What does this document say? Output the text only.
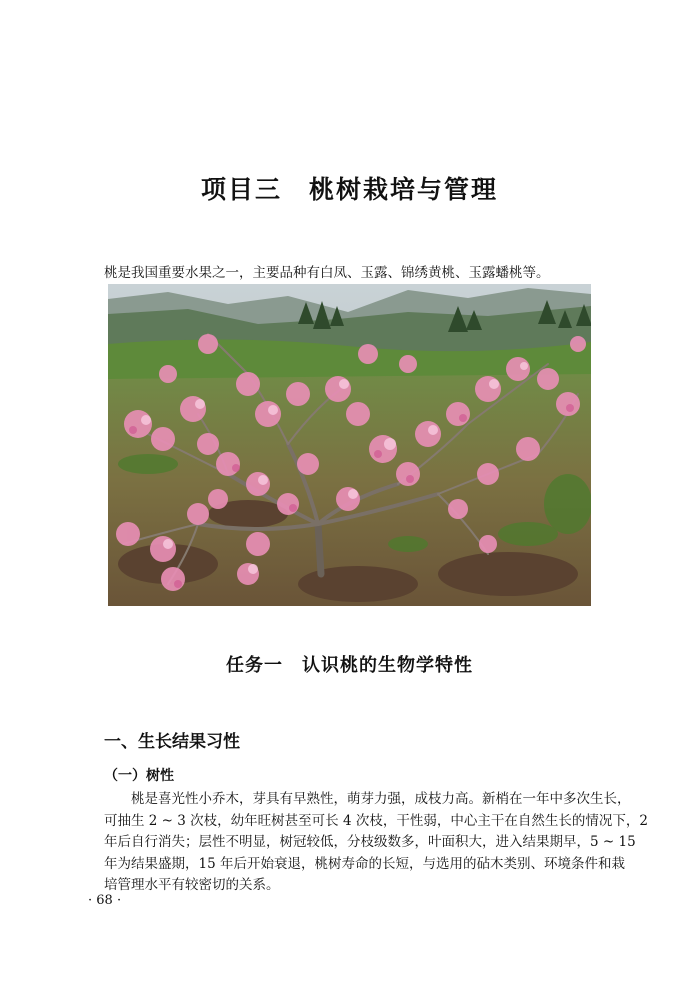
项目三　桃树栽培与管理
桃是我国重要水果之一，主要品种有白凤、玉露、锦绣黄桃、玉露蟠桃等。
任务一　认识桃的生物学特性
一、生长结果习性
（一）树性
　　桃是喜光性小乔木，芽具有早熟性，萌芽力强，成枝力高。新梢在一年中多次生长，
可抽生 2 ~ 3 次枝，幼年旺树甚至可长 4 次枝，干性弱，中心主干在自然生长的情况下，2
年后自行消失；层性不明显，树冠较低，分枝级数多，叶面积大，进入结果期早，5 ~ 15
年为结果盛期，15 年后开始衰退，桃树寿命的长短，与选用的砧木类别、环境条件和栽
培管理水平有较密切的关系。
· 68 ·
